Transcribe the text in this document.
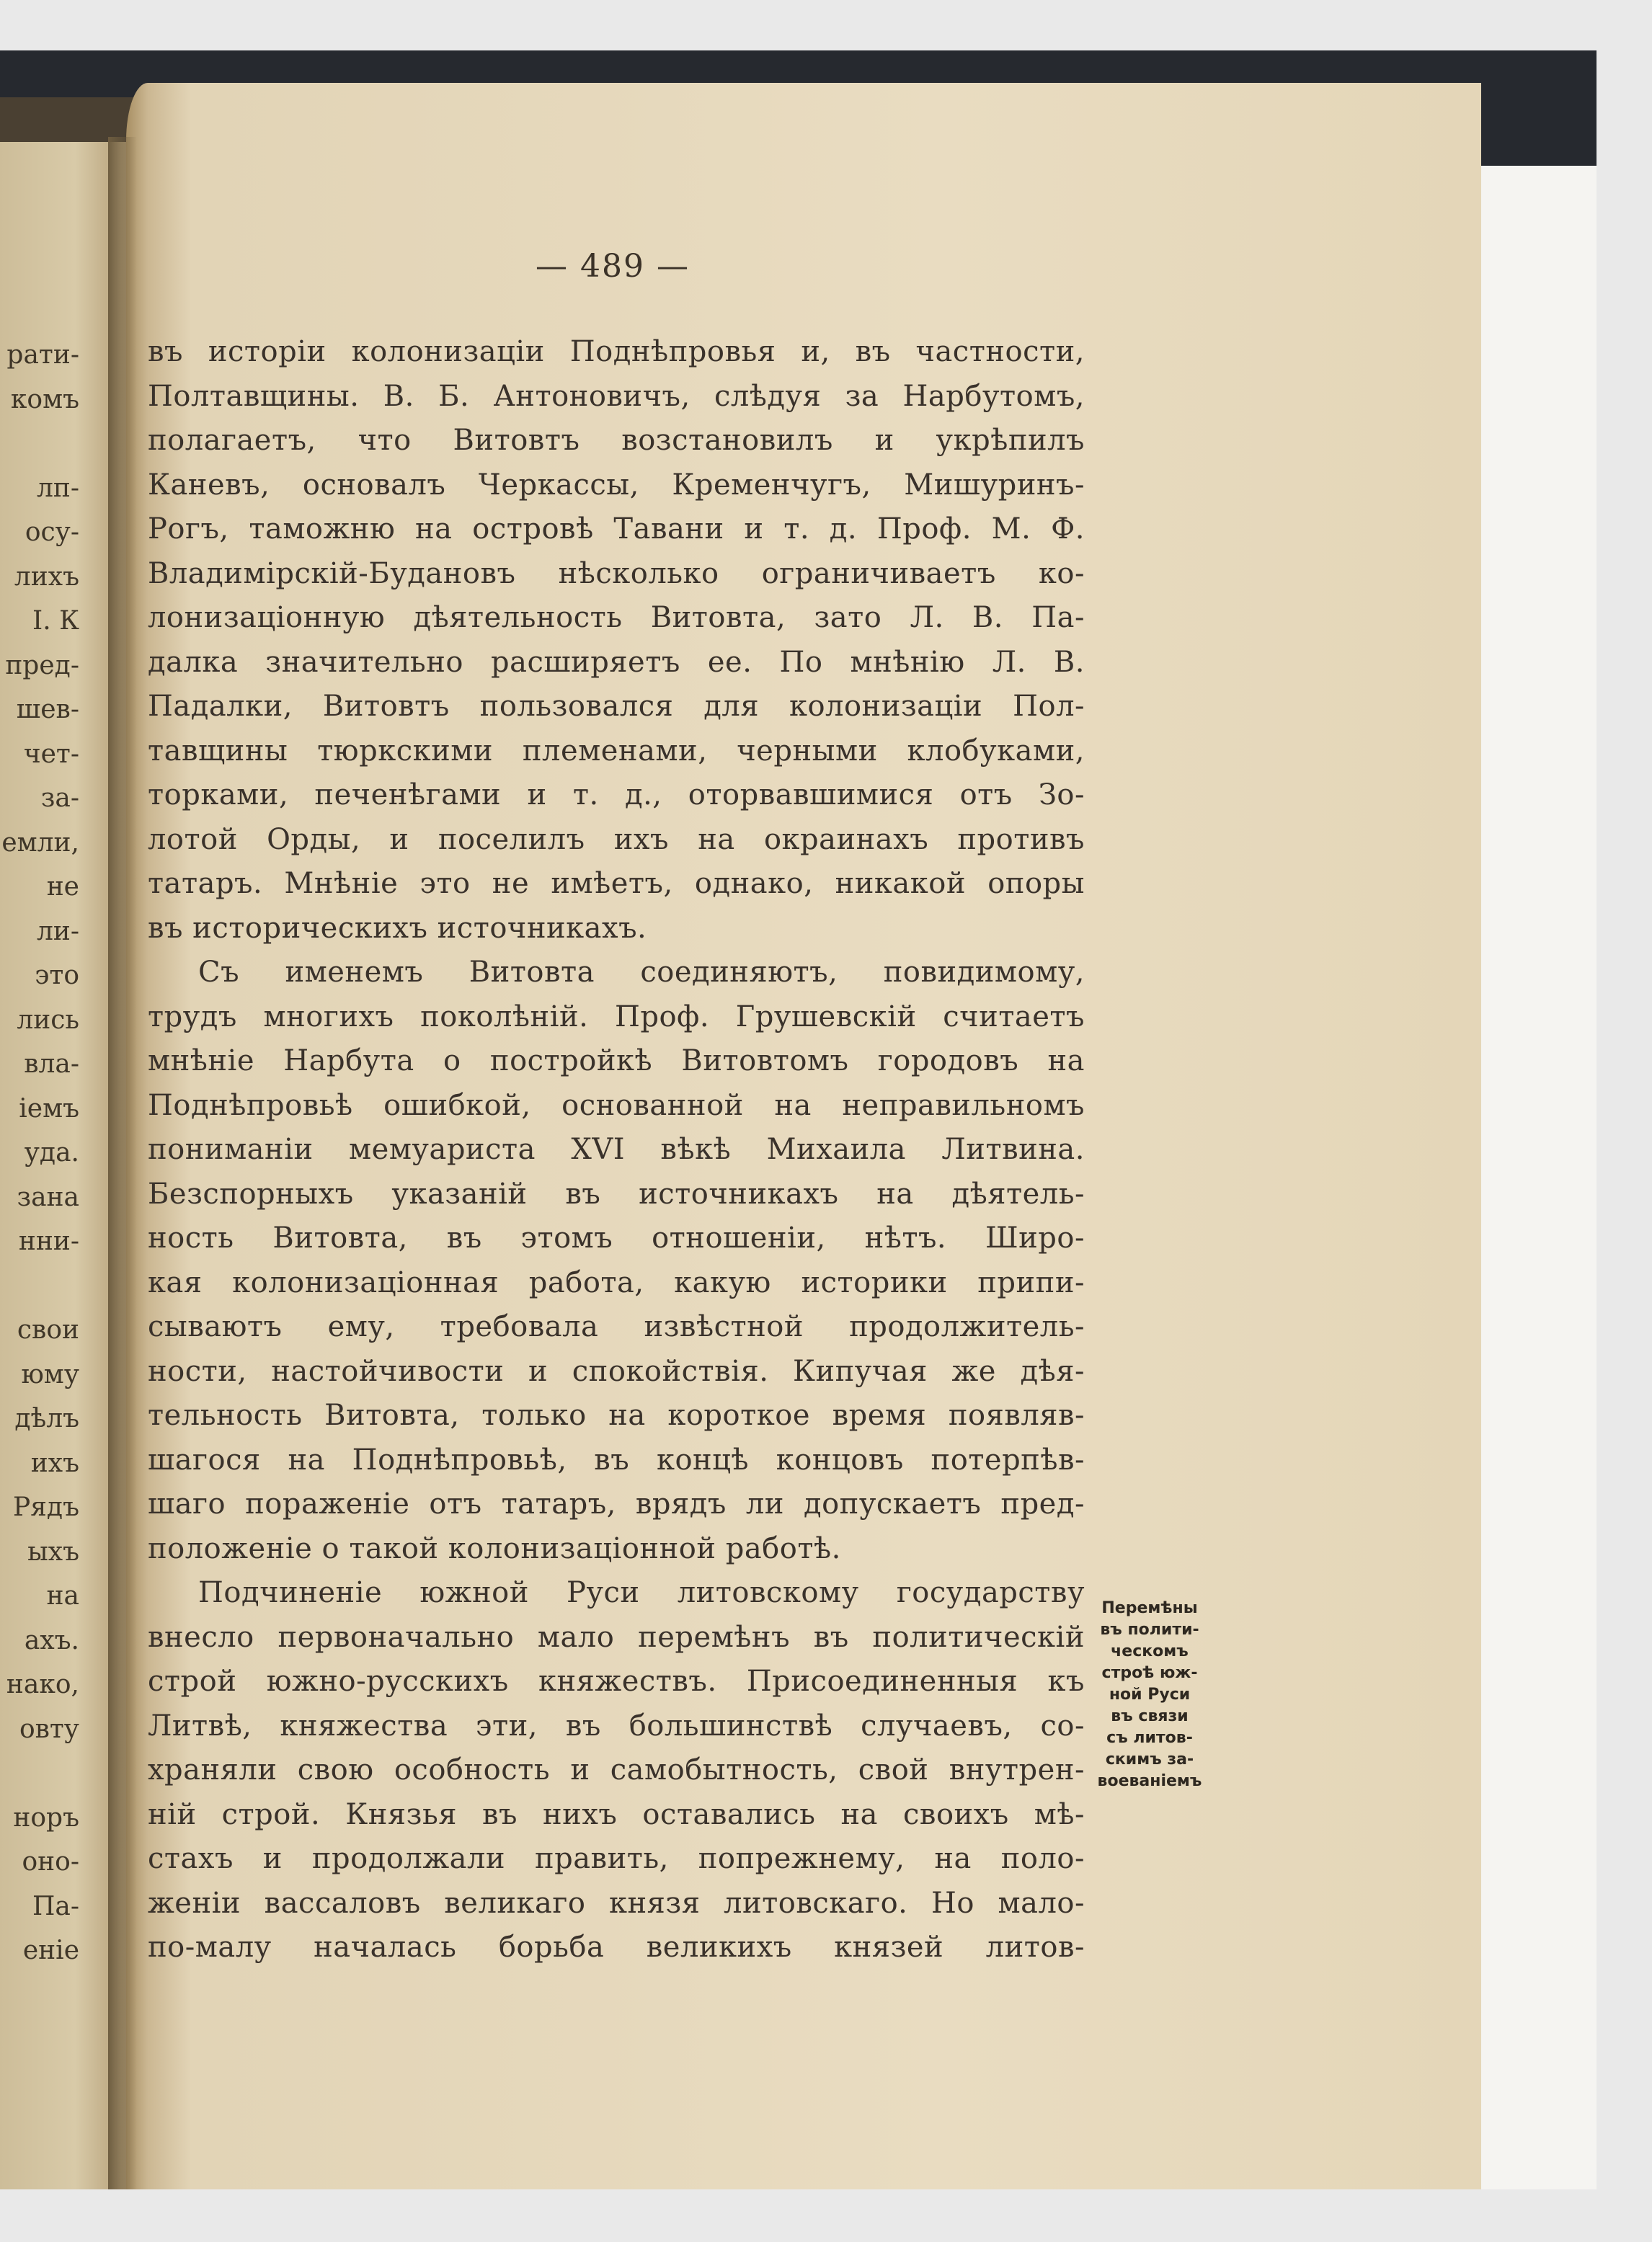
рати-
комъ
лп-
осу-
лихъ
I. К
пред-
шев-
чет-
за-
емли,
не
ли-
это
лись
вла-
іемъ
уда.
зана
нни-
свои
юму
дѣлъ
ихъ
Рядъ
ыхъ
на
ахъ.
нако,
овту
норъ
оно-
Па-
еніе
— 489 —
въ исторіи колонизаціи Поднѣпровья и, въ частности,
Полтавщины. В. Б. Антоновичъ, слѣдуя за Нарбутомъ,
полагаетъ, что Витовтъ возстановилъ и укрѣпилъ
Каневъ, основалъ Черкассы, Кременчугъ, Мишуринъ-
Рогъ, таможню на островѣ Тавани и т. д. Проф. М. Ф.
Владимірскій-Будановъ нѣсколько ограничиваетъ ко-
лонизаціонную дѣятельность Витовта, зато Л. В. Па-
далка значительно расширяетъ ее. По мнѣнію Л. В.
Падалки, Витовтъ пользовался для колонизаціи Пол-
тавщины тюркскими племенами, черными клобуками,
торками, печенѣгами и т. д., оторвавшимися отъ Зо-
лотой Орды, и поселилъ ихъ на окраинахъ противъ
татаръ. Мнѣніе это не имѣетъ, однако, никакой опоры
въ историческихъ источникахъ.
Съ именемъ Витовта соединяютъ, повидимому,
трудъ многихъ поколѣній. Проф. Грушевскій считаетъ
мнѣніе Нарбута о постройкѣ Витовтомъ городовъ на
Поднѣпровьѣ ошибкой, основанной на неправильномъ
пониманіи мемуариста XVI вѣкѣ Михаила Литвина.
Безспорныхъ указаній въ источникахъ на дѣятель-
ность Витовта, въ этомъ отношеніи, нѣтъ. Широ-
кая колонизаціонная работа, какую историки припи-
сываютъ ему, требовала извѣстной продолжитель-
ности, настойчивости и спокойствія. Кипучая же дѣя-
тельность Витовта, только на короткое время появляв-
шагося на Поднѣпровьѣ, въ концѣ концовъ потерпѣв-
шаго пораженіе отъ татаръ, врядъ ли допускаетъ пред-
положеніе о такой колонизаціонной работѣ.
Подчиненіе южной Руси литовскому государству
внесло первоначально мало перемѣнъ въ политическій
строй южно-русскихъ княжествъ. Присоединенныя къ
Литвѣ, княжества эти, въ большинствѣ случаевъ, со-
храняли свою особность и самобытность, свой внутрен-
ній строй. Князья въ нихъ оставались на своихъ мѣ-
стахъ и продолжали править, попрежнему, на поло-
женіи вассаловъ великаго князя литовскаго. Но мало-
по-малу началась борьба великихъ князей литов-
Перемѣны
въ полити-
ческомъ
строѣ юж-
ной Руси
въ связи
съ литов-
скимъ за-
воеваніемъ
